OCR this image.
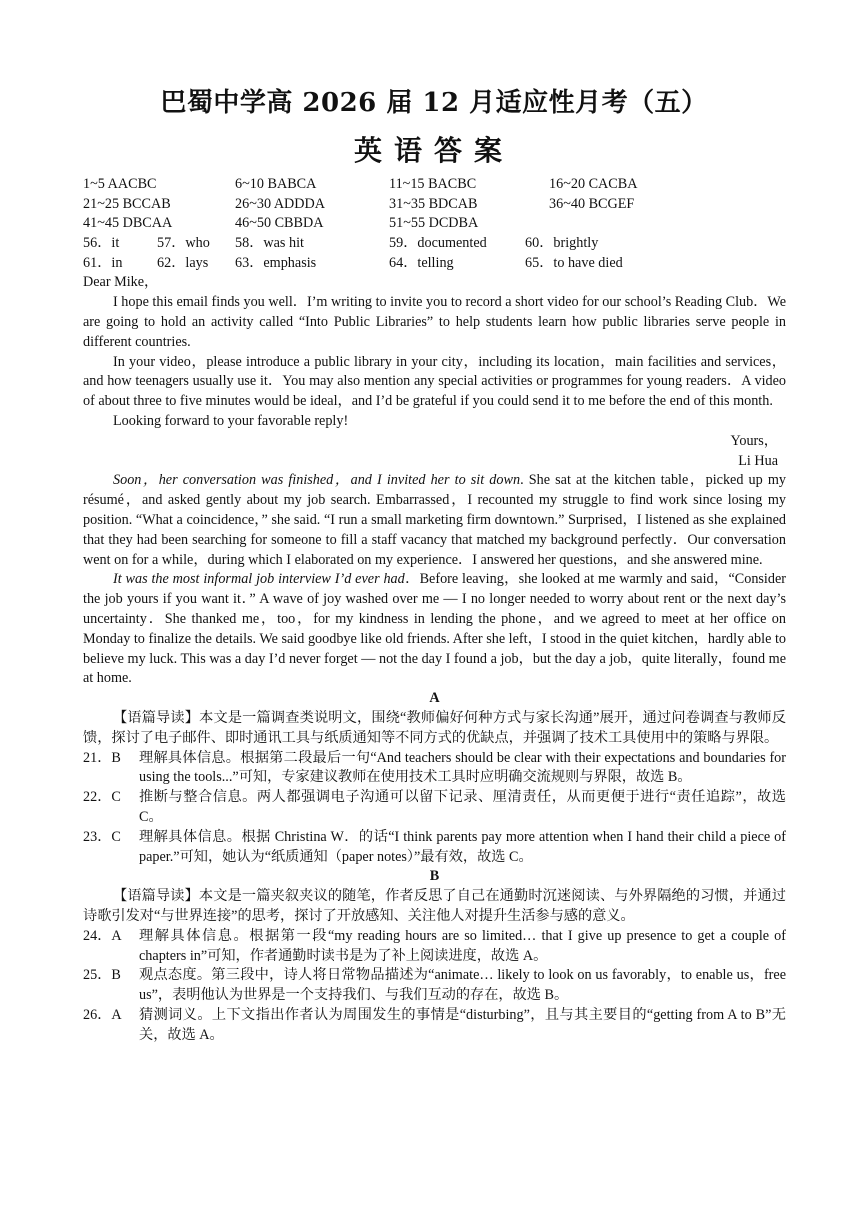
巴蜀中学高 2026 届 12 月适应性月考（五）
英语答案
1~5 AACBC	6~10 BABCA	11~15 BACBC	16~20 CACBA
21~25 BCCAB	26~30 ADDDA	31~35 BDCAB	36~40 BCGEF
41~45 DBCAA	46~50 CBBDA	51~55 DCDBA
56．it	57．who	58．was hit	59．documented	60．brightly
61．in	62．lays	63．emphasis	64．telling	65．to have died

Dear Mike，

I hope this email finds you well．I’m writing to invite you to record a short video for our school’s Reading Club．We are going to hold an activity called “Into Public Libraries” to help students learn how public libraries serve people in different countries.

In your video，please introduce a public library in your city，including its location，main facilities and services，and how teenagers usually use it．You may also mention any special activities or programmes for young readers．A video of about three to five minutes would be ideal，and I’d be grateful if you could send it to me before the end of this month.

Looking forward to your favorable reply!

Yours，

Li Hua

Soon，her conversation was finished，and I invited her to sit down. She sat at the kitchen table，picked up my résumé，and asked gently about my job search. Embarrassed，I recounted my struggle to find work since losing my position. “What a coincidence，” she said. “I run a small marketing firm downtown.” Surprised，I listened as she explained that they had been searching for someone to fill a staff vacancy that matched my background perfectly．Our conversation went on for a while，during which I elaborated on my experience．I answered her questions，and she answered mine.

It was the most informal job interview I’d ever had．Before leaving，she looked at me warmly and said，“Consider the job yours if you want it．” A wave of joy washed over me — I no longer needed to worry about rent or the next day’s uncertainty．She thanked me，too，for my kindness in lending the phone，and we agreed to meet at her office on Monday to finalize the details. We said goodbye like old friends. After she left，I stood in the quiet kitchen，hardly able to believe my luck. This was a day I’d never forget — not the day I found a job，but the day a job，quite literally，found me at home.

A

【语篇导读】本文是一篇调查类说明文，围绕“教师偏好何种方式与家长沟通”展开，通过问卷调查与教师反馈，探讨了电子邮件、即时通讯工具与纸质通知等不同方式的优缺点，并强调了技术工具使用中的策略与界限。

21．B	理解具体信息。根据第二段最后一句“And teachers should be clear with their expectations and boundaries for using the tools...”可知，专家建议教师在使用技术工具时应明确交流规则与界限，故选 B。
22．C	推断与整合信息。两人都强调电子沟通可以留下记录、厘清责任，从而更便于进行“责任追踪”，故选 C。
23．C	理解具体信息。根据 Christina W．的话“I think parents pay more attention when I hand their child a piece of paper.”可知，她认为“纸质通知（paper notes）”最有效，故选 C。

B

【语篇导读】本文是一篇夹叙夹议的随笔，作者反思了自己在通勤时沉迷阅读、与外界隔绝的习惯，并通过诗歌引发对“与世界连接”的思考，探讨了开放感知、关注他人对提升生活参与感的意义。

24．A	理解具体信息。根据第一段“my reading hours are so limited… that I give up presence to get a couple of chapters in”可知，作者通勤时读书是为了补上阅读进度，故选 A。
25．B	观点态度。第三段中，诗人将日常物品描述为“animate… likely to look on us favorably，to enable us，free us”，表明他认为世界是一个支持我们、与我们互动的存在，故选 B。
26．A	猜测词义。上下文指出作者认为周围发生的事情是“disturbing”，且与其主要目的“getting from A to B”无关，故选 A。
